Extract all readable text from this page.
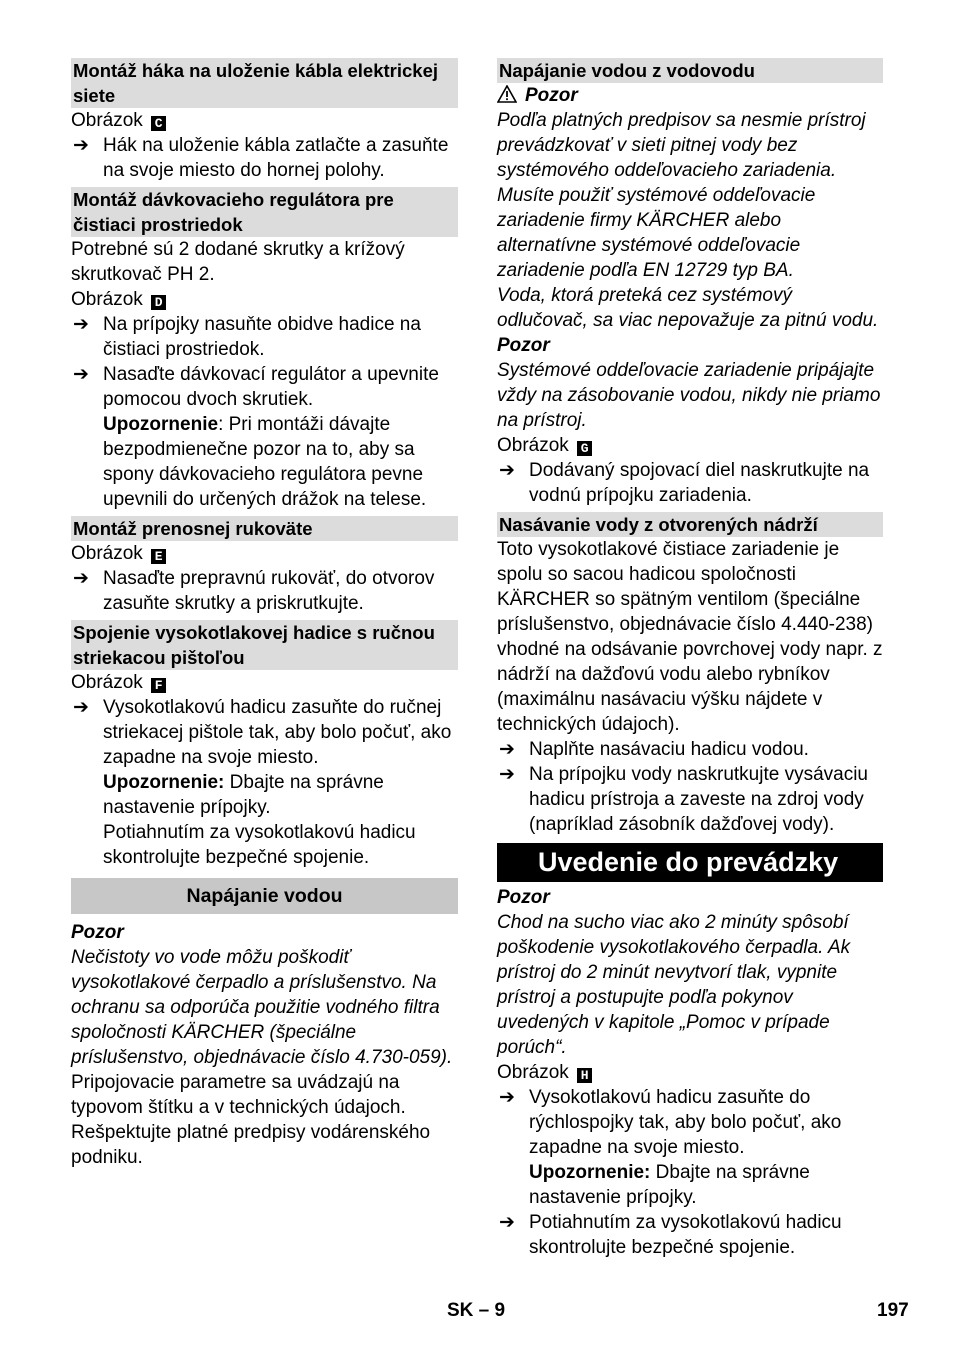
Montáž háka na uloženie kábla elektrickej siete

Obrázok C

➔ Hák na uloženie kábla zatlačte a zasuňte na svoje miesto do hornej polohy.
Montáž dávkovacieho regulátora pre čistiaci prostriedok

Potrebné sú 2 dodané skrutky a krížový skrutkovač PH 2.

Obrázok D

➔ Na prípojky nasuňte obidve hadice na čistiaci prostriedok.
➔ Nasaďte dávkovací regulátor a upevnite pomocou dvoch skrutiek.
Upozornenie: Pri montáži dávajte bezpodmienečne pozor na to, aby sa spony dávkovacieho regulátora pevne upevnili do určených drážok na telese.
Montáž prenosnej rukoväte

Obrázok E

➔ Nasaďte prepravnú rukoväť, do otvorov zasuňte skrutky a priskrutkujte.
Spojenie vysokotlakovej hadice s ručnou striekacou pištoľou

Obrázok F

➔ Vysokotlakovú hadicu zasuňte do ručnej striekacej pištole tak, aby bolo počuť, ako zapadne na svoje miesto.
Upozornenie: Dbajte na správne nastavenie prípojky.
Potiahnutím za vysokotlakovú hadicu skontrolujte bezpečné spojenie.
Napájanie vodou

Pozor

Nečistoty vo vode môžu poškodiť vysokotlakové čerpadlo a príslušenstvo. Na ochranu sa odporúča použitie vodného filtra spoločnosti KÄRCHER (špeciálne príslušenstvo, objednávacie číslo 4.730-059).

Pripojovacie parametre sa uvádzajú na typovom štítku a v technických údajoch.

Rešpektujte platné predpisy vodárenského podniku.

Napájanie vodou z vodovodu

Pozor

Podľa platných predpisov sa nesmie prístroj prevádzkovať v sieti pitnej vody bez systémového oddeľovacieho zariadenia. Musíte použiť systémové oddeľovacie zariadenie firmy KÄRCHER alebo alternatívne systémové oddeľovacie zariadenie podľa EN 12729 typ BA.

Voda, ktorá preteká cez systémový odlučovač, sa viac nepovažuje za pitnú vodu.

Pozor

Systémové oddeľovacie zariadenie pripájajte vždy na zásobovanie vodou, nikdy nie priamo na prístroj.

Obrázok G

➔ Dodávaný spojovací diel naskrutkujte na vodnú prípojku zariadenia.
Nasávanie vody z otvorených nádrží

Toto vysokotlakové čistiace zariadenie je spolu so sacou hadicou spoločnosti KÄRCHER so spätným ventilom (špeciálne príslušenstvo, objednávacie číslo 4.440-238) vhodné na odsávanie povrchovej vody napr. z nádrží na dažďovú vodu alebo rybníkov (maximálnu nasávaciu výšku nájdete v technických údajoch).

➔ Naplňte nasávaciu hadicu vodou.
➔ Na prípojku vody naskrutkujte vysávaciu hadicu prístroja a zaveste na zdroj vody (napríklad zásobník dažďovej vody).
Uvedenie do prevádzky

Pozor

Chod na sucho viac ako 2 minúty spôsobí poškodenie vysokotlakového čerpadla. Ak prístroj do 2 minút nevytvorí tlak, vypnite prístroj a postupujte podľa pokynov uvedených v kapitole „Pomoc v prípade porúch“.

Obrázok H

➔ Vysokotlakovú hadicu zasuňte do rýchlospojky tak, aby bolo počuť, ako zapadne na svoje miesto.
Upozornenie: Dbajte na správne nastavenie prípojky.
➔ Potiahnutím za vysokotlakovú hadicu skontrolujte bezpečné spojenie.
SK – 9	197
